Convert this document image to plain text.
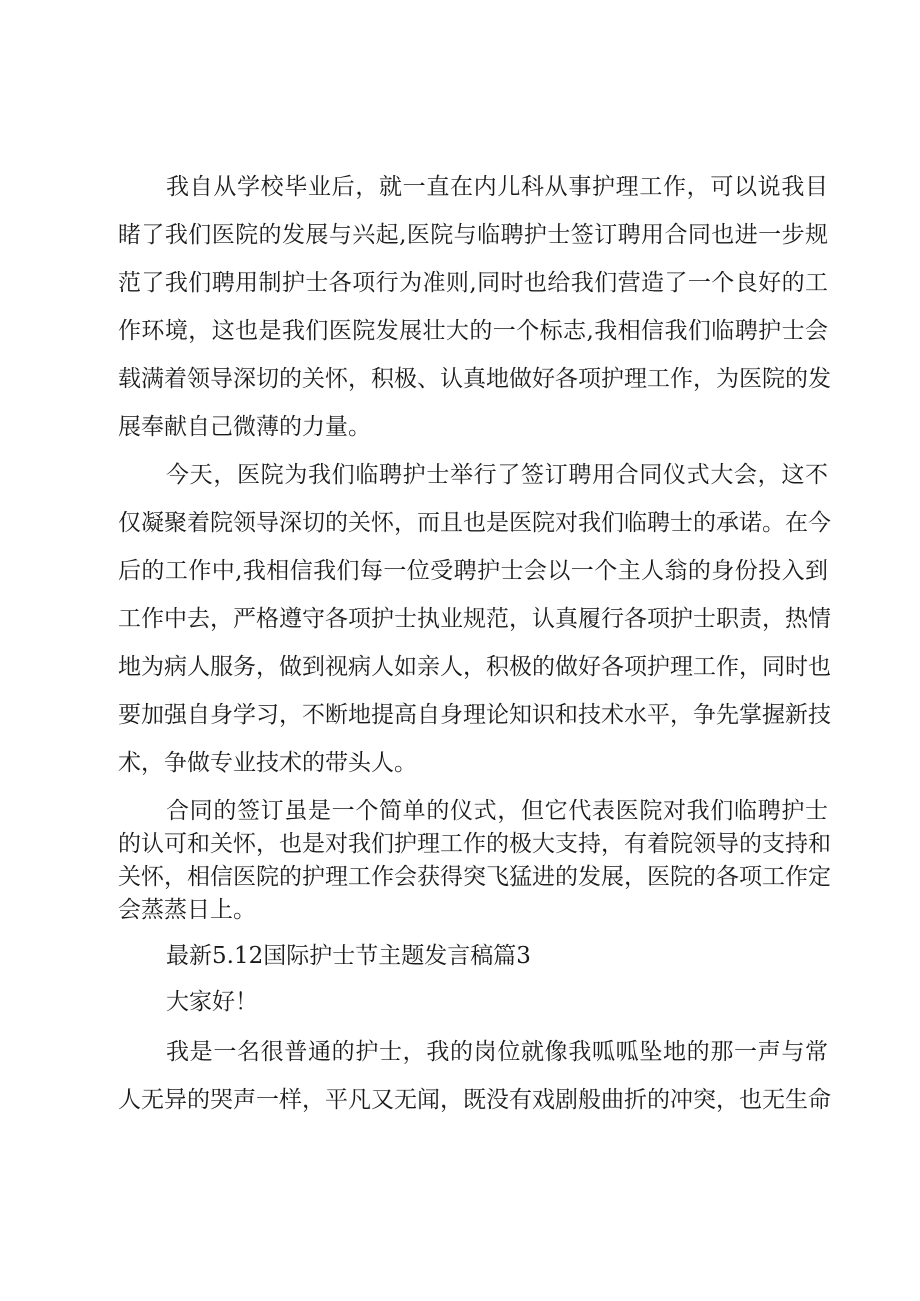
我自从学校毕业后，就一直在内儿科从事护理工作，可以说我目
睹了我们医院的发展与兴起,医院与临聘护士签订聘用合同也进一步规
范了我们聘用制护士各项行为准则,同时也给我们营造了一个良好的工
作环境，这也是我们医院发展壮大的一个标志,我相信我们临聘护士会
载满着领导深切的关怀，积极、认真地做好各项护理工作，为医院的发
展奉献自己微薄的力量。
今天，医院为我们临聘护士举行了签订聘用合同仪式大会，这不
仅凝聚着院领导深切的关怀，而且也是医院对我们临聘士的承诺。在今
后的工作中,我相信我们每一位受聘护士会以一个主人翁的身份投入到
工作中去，严格遵守各项护士执业规范，认真履行各项护士职责，热情
地为病人服务，做到视病人如亲人，积极的做好各项护理工作，同时也
要加强自身学习，不断地提高自身理论知识和技术水平，争先掌握新技
术，争做专业技术的带头人。
合同的签订虽是一个简单的仪式，但它代表医院对我们临聘护士
的认可和关怀，也是对我们护理工作的极大支持，有着院领导的支持和
关怀，相信医院的护理工作会获得突飞猛进的发展，医院的各项工作定
会蒸蒸日上。
最新5.12国际护士节主题发言稿篇3
大家好！
我是一名很普通的护士，我的岗位就像我呱呱坠地的那一声与常
人无异的哭声一样，平凡又无闻，既没有戏剧般曲折的冲突，也无生命
